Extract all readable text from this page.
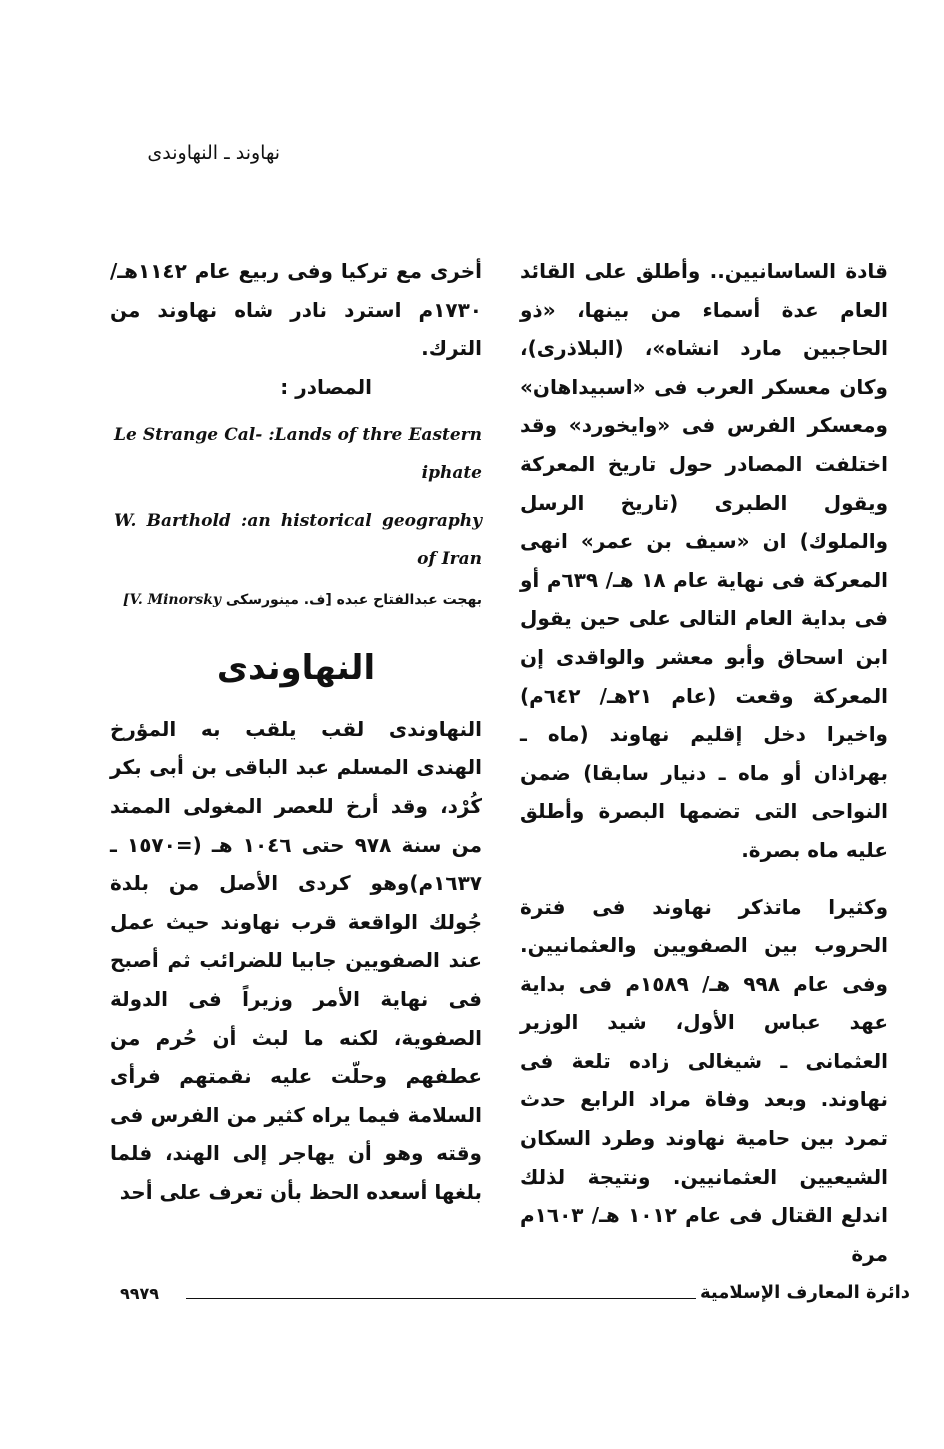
نهاوند ـ النهاوندى

قادة الساسانيين.. وأطلق على القائد العام عدة أسماء من بينها، «ذو الحاجبين مارد انشاه»، (البلاذرى)، وكان معسكر العرب فى «اسبيداهان» ومعسكر الفرس فى «وايخورد» وقد اختلفت المصادر حول تاريخ المعركة ويقول الطبرى (تاريخ الرسل والملوك) ان «سيف بن عمر» انهى المعركة فى نهاية عام ١٨ هـ/ ٦٣٩م أو فى بداية العام التالى على حين يقول ابن اسحاق وأبو معشر والواقدى إن المعركة وقعت (عام ٢١هـ/ ٦٤٢م) واخيرا دخل إقليم نهاوند (ماه ـ بهراذان أو ماه ـ دنيار سابقا) ضمن النواحى التى تضمها البصرة وأطلق عليه ماه بصرة.

وكثيرا ماتذكر نهاوند فى فترة الحروب بين الصفويين والعثمانيين. وفى عام ٩٩٨ هـ/ ١٥٨٩م فى بداية عهد عباس الأول، شيد الوزير العثمانى ـ شيغالى زاده تلعة فى نهاوند. وبعد وفاة مراد الرابع حدث تمرد بين حامية نهاوند وطرد السكان الشيعيين العثمانيين. ونتيجة لذلك اندلع القتال فى عام ١٠١٢ هـ/ ١٦٠٣م مرة

أخرى مع تركيا وفى ربيع عام ١١٤٢هـ/ ١٧٣٠م استرد نادر شاه نهاوند من الترك.

المصادر :

Le Strange Cal- :Lands of thre Eastern iphate

W. Barthold :an historical geography of Iran

بهجت عبدالفتاح عبده [ف. مينورسكى V. Minorsky]

النهاوندى

النهاوندى لقب يلقب به المؤرخ الهندى المسلم عبد الباقى بن أبى بكر كُرْد، وقد أرخ للعصر المغولى الممتد من سنة ٩٧٨ حتى ١٠٤٦ هـ (=١٥٧٠ ـ ١٦٣٧م)وهو كردى الأصل من بلدة جُولك الواقعة قرب نهاوند حيث عمل عند الصفويين جابيا للضرائب ثم أصبح فى نهاية الأمر وزيراً فى الدولة الصفوية، لكنه ما لبث أن حُرم من عطفهم وحلّت عليه نقمتهم فرأى السلامة فيما يراه كثير من الفرس فى وقته وهو أن يهاجر إلى الهند، فلما بلغها أسعده الحظ بأن تعرف على أحد

دائرة المعارف الإسلامية
٩٩٧٩
